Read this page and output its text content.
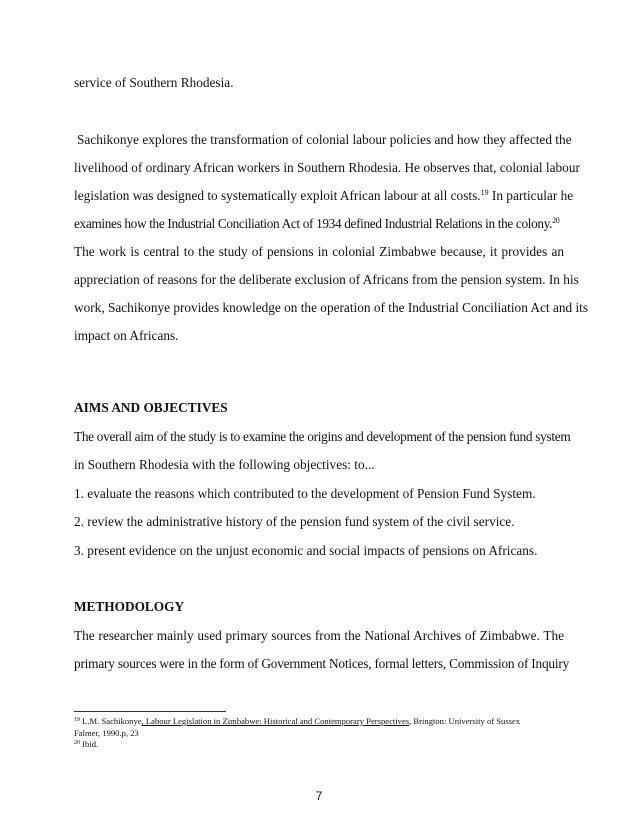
service of Southern Rhodesia.
Sachikonye explores the transformation of colonial labour policies and how they affected the
livelihood of ordinary African workers in Southern Rhodesia. He observes that, colonial labour
legislation was designed to systematically exploit African labour at all costs.$^{19}$ In particular he
examines how the Industrial Conciliation Act of 1934 defined Industrial Relations in the colony.$^{20}$
The work is central to the study of pensions in colonial Zimbabwe because, it provides an
appreciation of reasons for the deliberate exclusion of Africans from the pension system. In his
work, Sachikonye provides knowledge on the operation of the Industrial Conciliation Act and its
impact on Africans.
AIMS AND OBJECTIVES
The overall aim of the study is to examine the origins and development of the pension fund system
in Southern Rhodesia with the following objectives: to...
1. evaluate the reasons which contributed to the development of Pension Fund System.
2. review the administrative history of the pension fund system of the civil service.
3. present evidence on the unjust economic and social impacts of pensions on Africans.
METHODOLOGY
The researcher mainly used primary sources from the National Archives of Zimbabwe. The
primary sources were in the form of Government Notices, formal letters, Commission of Inquiry
$^{19}$ L.M. Sachikonye, Labour Legislation in Zimbabwe: Historical and Contemporary Perspectives, Brington: University of Sussex
Falmer, 1990.p, 23
$^{20}$ Ibid.
7
